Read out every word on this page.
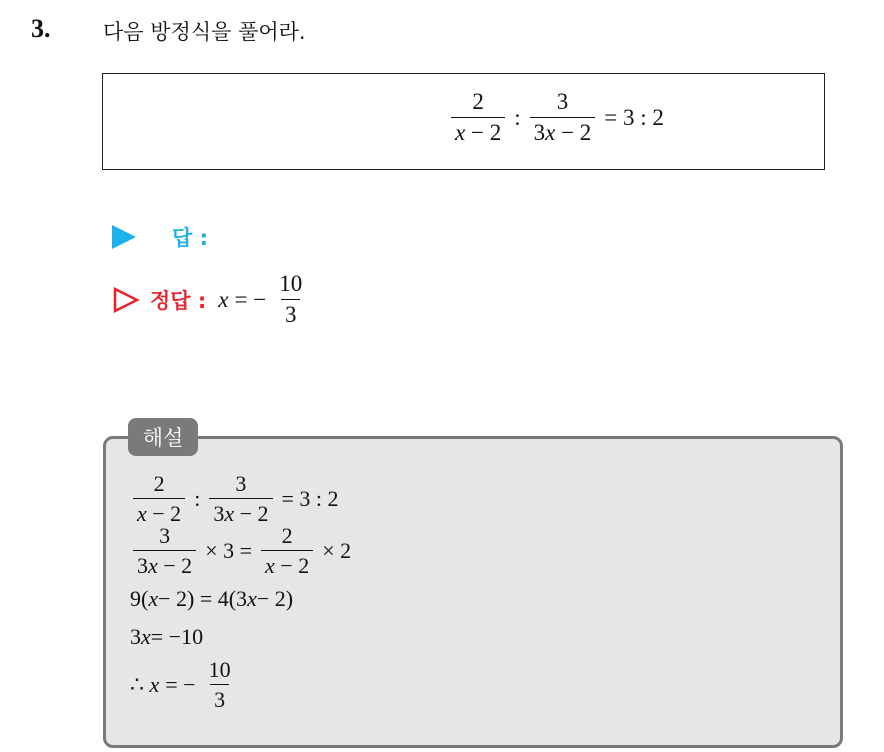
3.	다음 방정식을 풀어라.
$\frac{2}{x - 2}$ : $\frac{3}{3x - 2} = 3$ : 2
답 :
정답 : x = − $\frac{10}{3}$
해설
$\frac{2}{x - 2}$ : $\frac{3}{3x - 2} = 3$ : 2
$\frac{3}{3x - 2} \times 3 = \frac{2}{x - 2} \times 2$
9( x − 2) = 4(3 x − 2)
3 x = −10
∴
x = − $\frac{10}{3}$
